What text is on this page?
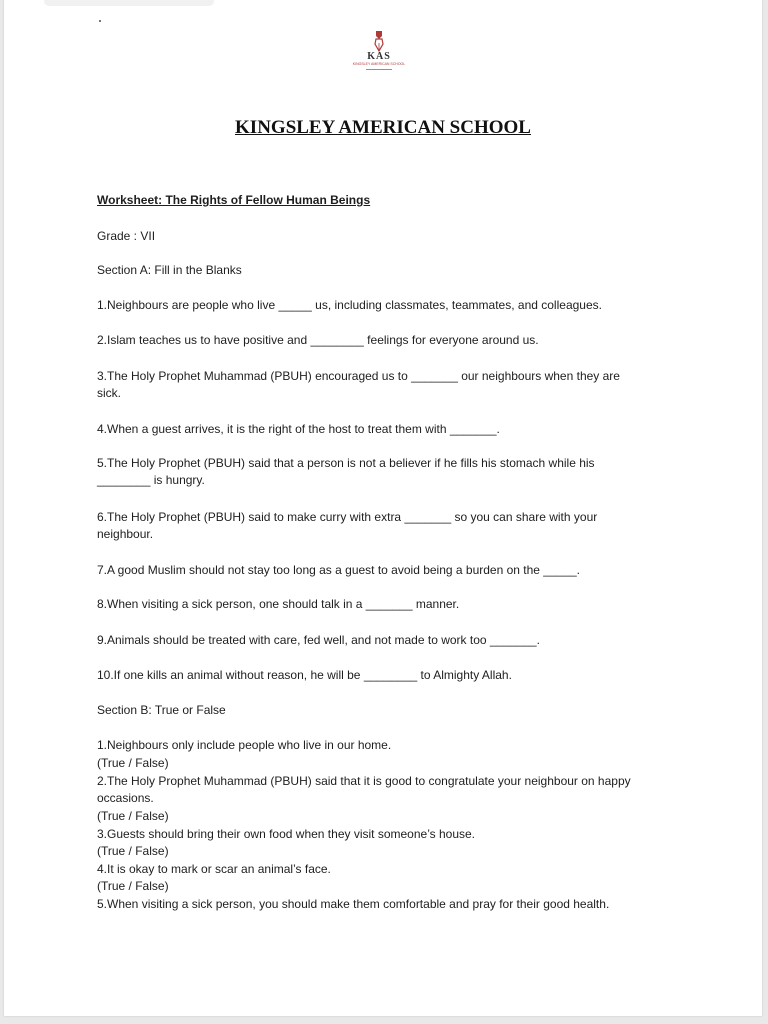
KAS
KINGSLEY AMERICAN SCHOOL
KINGSLEY AMERICAN SCHOOL
Worksheet: The Rights of Fellow Human Beings
Grade : VII
Section A: Fill in the Blanks
1.Neighbours are people who live _____ us, including classmates, teammates, and colleagues.
2.Islam teaches us to have positive and ________ feelings for everyone around us.
3.The Holy Prophet Muhammad (PBUH) encouraged us to _______ our neighbours when they are
sick.
4.When a guest arrives, it is the right of the host to treat them with _______.
5.The Holy Prophet (PBUH) said that a person is not a believer if he fills his stomach while his
________ is hungry.
6.The Holy Prophet (PBUH) said to make curry with extra _______ so you can share with your
neighbour.
7.A good Muslim should not stay too long as a guest to avoid being a burden on the _____.
8.When visiting a sick person, one should talk in a _______ manner.
9.Animals should be treated with care, fed well, and not made to work too _______.
10.If one kills an animal without reason, he will be ________ to Almighty Allah.
Section B: True or False
1.Neighbours only include people who live in our home.
(True / False)
2.The Holy Prophet Muhammad (PBUH) said that it is good to congratulate your neighbour on happy
occasions.
(True / False)
3.Guests should bring their own food when they visit someone’s house.
(True / False)
4.It is okay to mark or scar an animal’s face.
(True / False)
5.When visiting a sick person, you should make them comfortable and pray for their good health.
